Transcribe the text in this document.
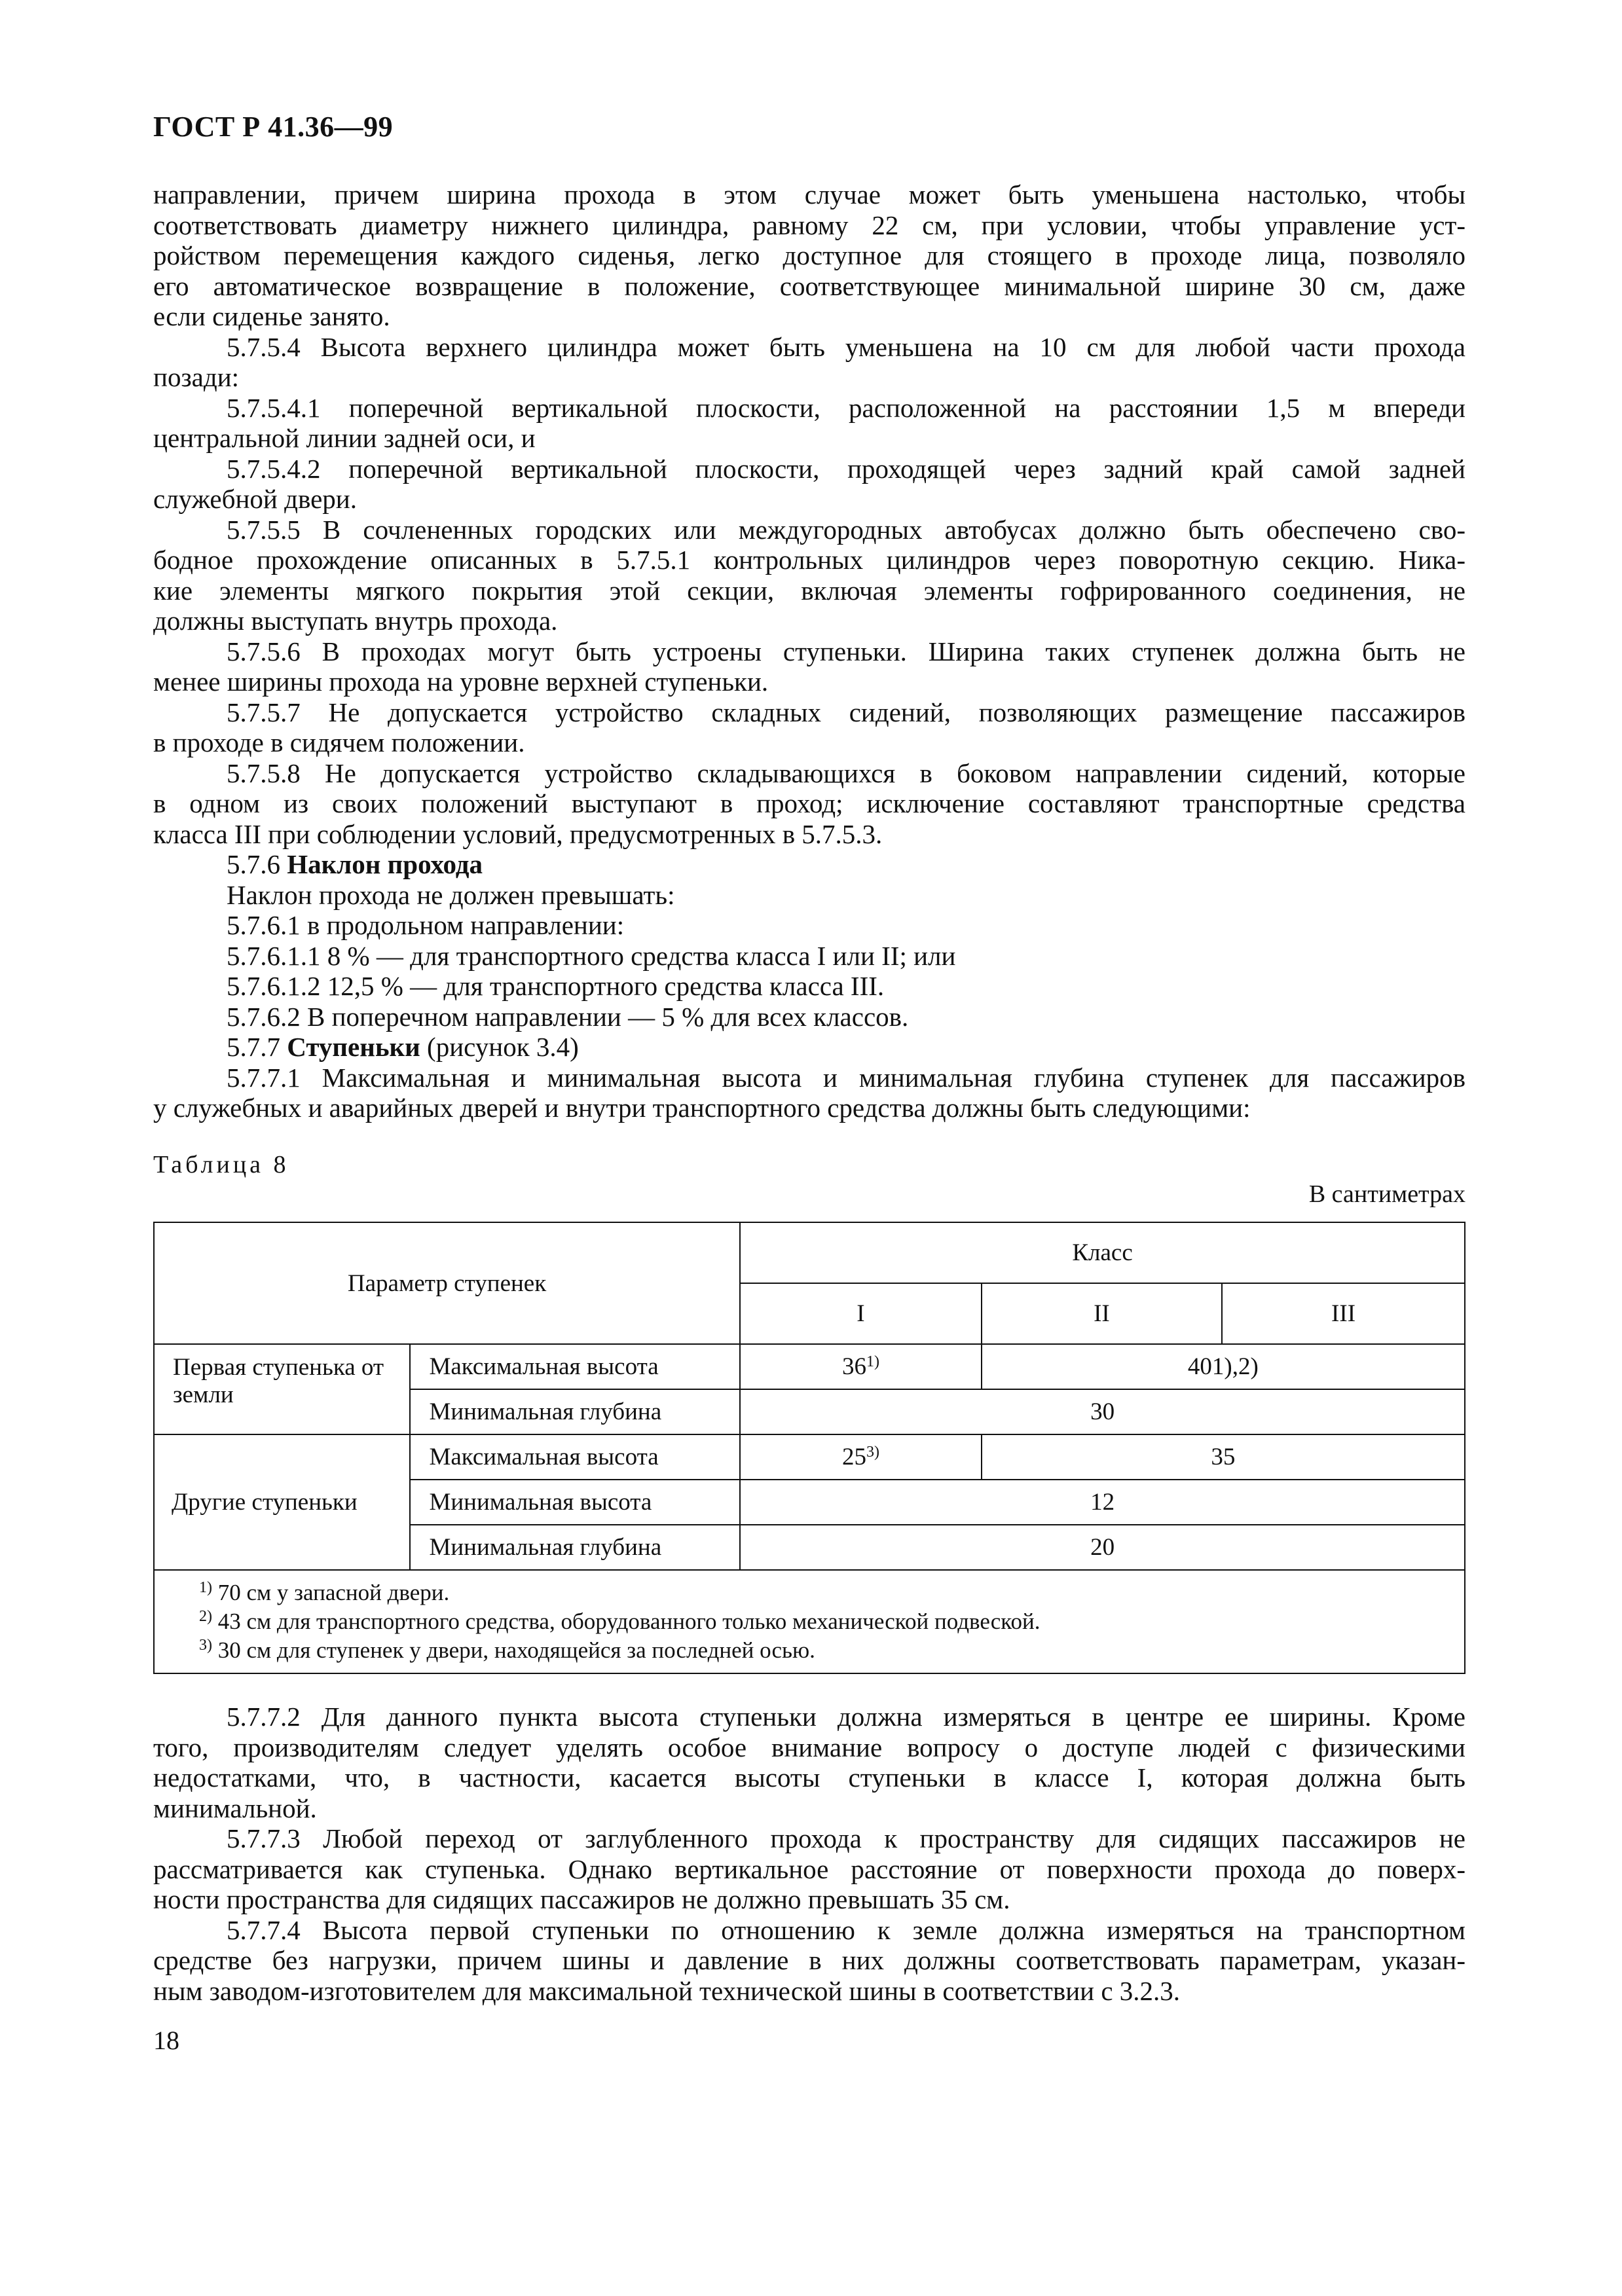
ГОСТ Р 41.36—99
направлении, причем ширина прохода в этом случае может быть уменьшена настолько, чтобы
соответствовать диаметру нижнего цилиндра, равному 22 см, при условии, чтобы управление уст-
ройством перемещения каждого сиденья, легко доступное для стоящего в проходе лица, позволяло
его автоматическое возвращение в положение, соответствующее минимальной ширине 30 см, даже
если сиденье занято.
5.7.5.4 Высота верхнего цилиндра может быть уменьшена на 10 см для любой части прохода
позади:
5.7.5.4.1 поперечной вертикальной плоскости, расположенной на расстоянии 1,5 м впереди
центральной линии задней оси, и
5.7.5.4.2 поперечной вертикальной плоскости, проходящей через задний край самой задней
служебной двери.
5.7.5.5 В сочлененных городских или междугородных автобусах должно быть обеспечено сво-
бодное прохождение описанных в 5.7.5.1 контрольных цилиндров через поворотную секцию. Ника-
кие элементы мягкого покрытия этой секции, включая элементы гофрированного соединения, не
должны выступать внутрь прохода.
5.7.5.6 В проходах могут быть устроены ступеньки. Ширина таких ступенек должна быть не
менее ширины прохода на уровне верхней ступеньки.
5.7.5.7 Не допускается устройство складных сидений, позволяющих размещение пассажиров
в проходе в сидячем положении.
5.7.5.8 Не допускается устройство складывающихся в боковом направлении сидений, которые
в одном из своих положений выступают в проход; исключение составляют транспортные средства
класса III при соблюдении условий, предусмотренных в 5.7.5.3.
5.7.6 Наклон прохода
Наклон прохода не должен превышать:
5.7.6.1 в продольном направлении:
5.7.6.1.1 8 % — для транспортного средства класса I или II; или
5.7.6.1.2 12,5 % — для транспортного средства класса III.
5.7.6.2 В поперечном направлении — 5 % для всех классов.
5.7.7 Ступеньки (рисунок 3.4)
5.7.7.1 Максимальная и минимальная высота и минимальная глубина ступенек для пассажиров
у служебных и аварийных дверей и внутри транспортного средства должны быть следующими:
Таблица 8
В сантиметрах
Параметр ступенек		Класс		
		I	II	III
Первая ступенька от земли	Максимальная высота	36$^{1)}$	401),2)	
	Минимальная глубина	30		
Другие ступеньки	Максимальная высота	25$^{3)}$	35	
	Минимальная высота	12		
	Минимальная глубина	20		

$^{1)}$ 70 см у запасной двери.
$^{2)}$ 43 см для транспортного средства, оборудованного только механической подвеской.
$^{3)}$ 30 см для ступенек у двери, находящейся за последней осью.				
5.7.7.2 Для данного пункта высота ступеньки должна измеряться в центре ее ширины. Кроме
того, производителям следует уделять особое внимание вопросу о доступе людей с физическими
недостатками, что, в частности, касается высоты ступеньки в классе I, которая должна быть
минимальной.
5.7.7.3 Любой переход от заглубленного прохода к пространству для сидящих пассажиров не
рассматривается как ступенька. Однако вертикальное расстояние от поверхности прохода до поверх-
ности пространства для сидящих пассажиров не должно превышать 35 см.
5.7.7.4 Высота первой ступеньки по отношению к земле должна измеряться на транспортном
средстве без нагрузки, причем шины и давление в них должны соответствовать параметрам, указан-
ным заводом-изготовителем для максимальной технической шины в соответствии с 3.2.3.
18
